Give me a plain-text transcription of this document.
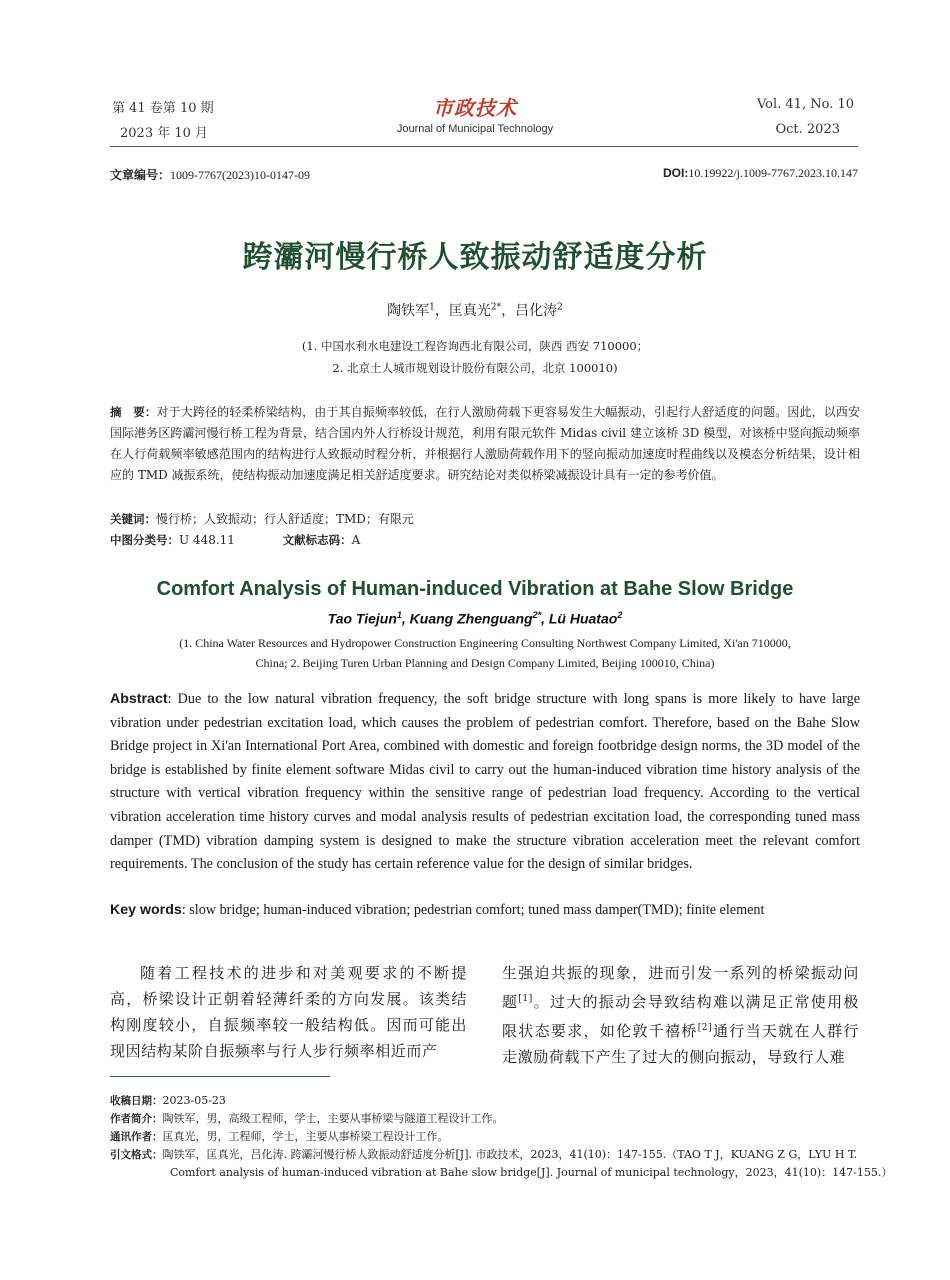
第 41 卷第 10 期
2023 年 10 月
市政技术
Journal of Municipal Technology
Vol. 41, No. 10
Oct. 2023
文章编号：1009-7767(2023)10-0147-09	DOI:10.19922/j.1009-7767.2023.10.147
跨灞河慢行桥人致振动舒适度分析
陶铁军$^1$，匡真光$^{2*}$，吕化涛$^2$
(1. 中国水利水电建设工程咨询西北有限公司，陕西 西安 710000；
2. 北京土人城市规划设计股份有限公司，北京 100010)
摘　要：对于大跨径的轻柔桥梁结构，由于其自振频率较低，在行人激励荷载下更容易发生大幅振动，引起行人舒适度的问题。因此，以西安国际港务区跨灞河慢行桥工程为背景，结合国内外人行桥设计规范，利用有限元软件 Midas civil 建立该桥 3D 模型，对该桥中竖向振动频率在人行荷载频率敏感范围内的结构进行人致振动时程分析，并根据行人激励荷载作用下的竖向振动加速度时程曲线以及模态分析结果，设计相应的 TMD 减振系统，使结构振动加速度满足相关舒适度要求。研究结论对类似桥梁减振设计具有一定的参考价值。
关键词：慢行桥；人致振动；行人舒适度；TMD；有限元
中图分类号：U 448.11	文献标志码：A
Comfort Analysis of Human-induced Vibration at Bahe Slow Bridge
Tao Tiejun$^1$, Kuang Zhenguang$^{2*}$, Lü Huatao$^2$
(1. China Water Resources and Hydropower Construction Engineering Consulting Northwest Company Limited, Xi'an 710000,
China; 2. Beijing Turen Urban Planning and Design Company Limited, Beijing 100010, China)
Abstract: Due to the low natural vibration frequency, the soft bridge structure with long spans is more likely to have large vibration under pedestrian excitation load, which causes the problem of pedestrian comfort. Therefore, based on the Bahe Slow Bridge project in Xi'an International Port Area, combined with domestic and foreign footbridge design norms, the 3D model of the bridge is established by finite element software Midas civil to carry out the human-induced vibration time history analysis of the structure with vertical vibration frequency within the sensitive range of pedestrian load frequency. According to the vertical vibration acceleration time history curves and modal analysis results of pedestrian excitation load, the corresponding tuned mass damper (TMD) vibration damping system is designed to make the structure vibration acceleration meet the relevant comfort requirements. The conclusion of the study has certain reference value for the design of similar bridges.
Key words: slow bridge; human-induced vibration; pedestrian comfort; tuned mass damper(TMD); finite element
随着工程技术的进步和对美观要求的不断提高，桥梁设计正朝着轻薄纤柔的方向发展。该类结构刚度较小，自振频率较一般结构低。因而可能出现因结构某阶自振频率与行人步行频率相近而产
生强迫共振的现象，进而引发一系列的桥梁振动问题[1]。过大的振动会导致结构难以满足正常使用极限状态要求，如伦敦千禧桥[2]通行当天就在人群行走激励荷载下产生了过大的侧向振动，导致行人难
收稿日期：2023-05-23
作者简介：陶铁军，男，高级工程师，学士，主要从事桥梁与隧道工程设计工作。
通讯作者：匡真光，男，工程师，学士，主要从事桥梁工程设计工作。
引文格式：陶铁军，匡真光，吕化涛. 跨灞河慢行桥人致振动舒适度分析[J]. 市政技术，2023，41(10)：147-155.（TAO T J，KUANG Z G，LYU H T.
Comfort analysis of human-induced vibration at Bahe slow bridge[J]. Journal of municipal technology，2023，41(10)：147-155.）
